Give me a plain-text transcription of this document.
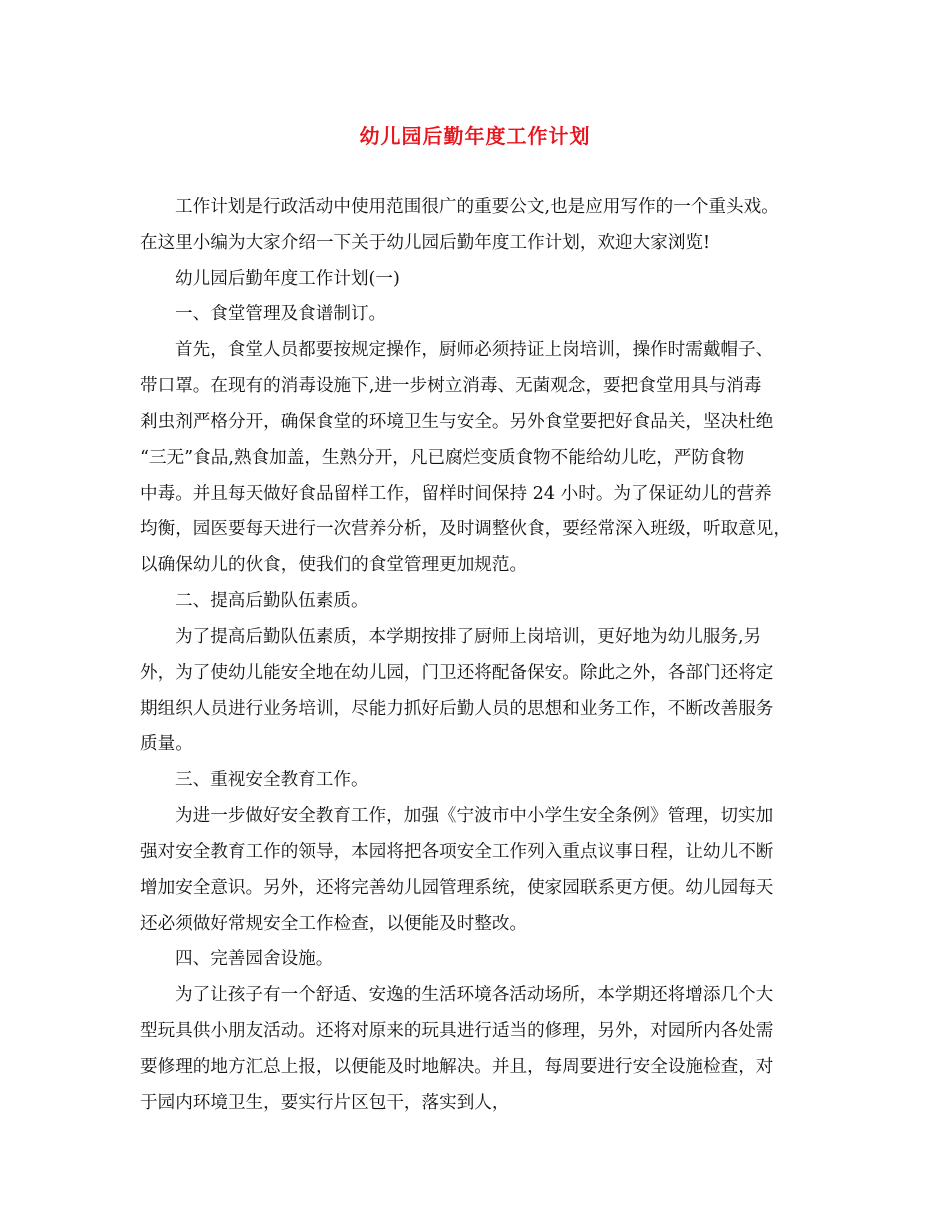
幼儿园后勤年度工作计划
工作计划是行政活动中使用范围很广的重要公文,也是应用写作的一个重头戏。
在这里小编为大家介绍一下关于幼儿园后勤年度工作计划，欢迎大家浏览!
幼儿园后勤年度工作计划(一)
一、食堂管理及食谱制订。
首先，食堂人员都要按规定操作，厨师必须持证上岗培训，操作时需戴帽子、
带口罩。在现有的消毒设施下,进一步树立消毒、无菌观念，要把食堂用具与消毒
剎虫剂严格分开，确保食堂的环境卫生与安全。另外食堂要把好食品关，坚决杜绝
“三无”食品,熟食加盖，生熟分开，凡已腐烂变质食物不能给幼儿吃，严防食物
中毒。并且每天做好食品留样工作，留样时间保持 24 小时。为了保证幼儿的营养
均衡，园医要每天进行一次营养分析，及时调整伙食，要经常深入班级，听取意见，
以确保幼儿的伙食，使我们的食堂管理更加规范。
二、提高后勤队伍素质。
为了提高后勤队伍素质，本学期按排了厨师上岗培训，更好地为幼儿服务,另
外，为了使幼儿能安全地在幼儿园，门卫还将配备保安。除此之外，各部门还将定
期组织人员进行业务培训，尽能力抓好后勤人员的思想和业务工作，不断改善服务
质量。
三、重视安全教育工作。
为进一步做好安全教育工作，加强《宁波市中小学生安全条例》管理，切实加
强对安全教育工作的领导，本园将把各项安全工作列入重点议事日程，让幼儿不断
增加安全意识。另外，还将完善幼儿园管理系统，使家园联系更方便。幼儿园每天
还必须做好常规安全工作检查，以便能及时整改。
四、完善园舍设施。
为了让孩子有一个舒适、安逸的生活环境各活动场所，本学期还将增添几个大
型玩具供小朋友活动。还将对原来的玩具进行适当的修理，另外，对园所内各处需
要修理的地方汇总上报，以便能及时地解决。并且，每周要进行安全设施检查，对
于园内环境卫生，要实行片区包干，落实到人，
